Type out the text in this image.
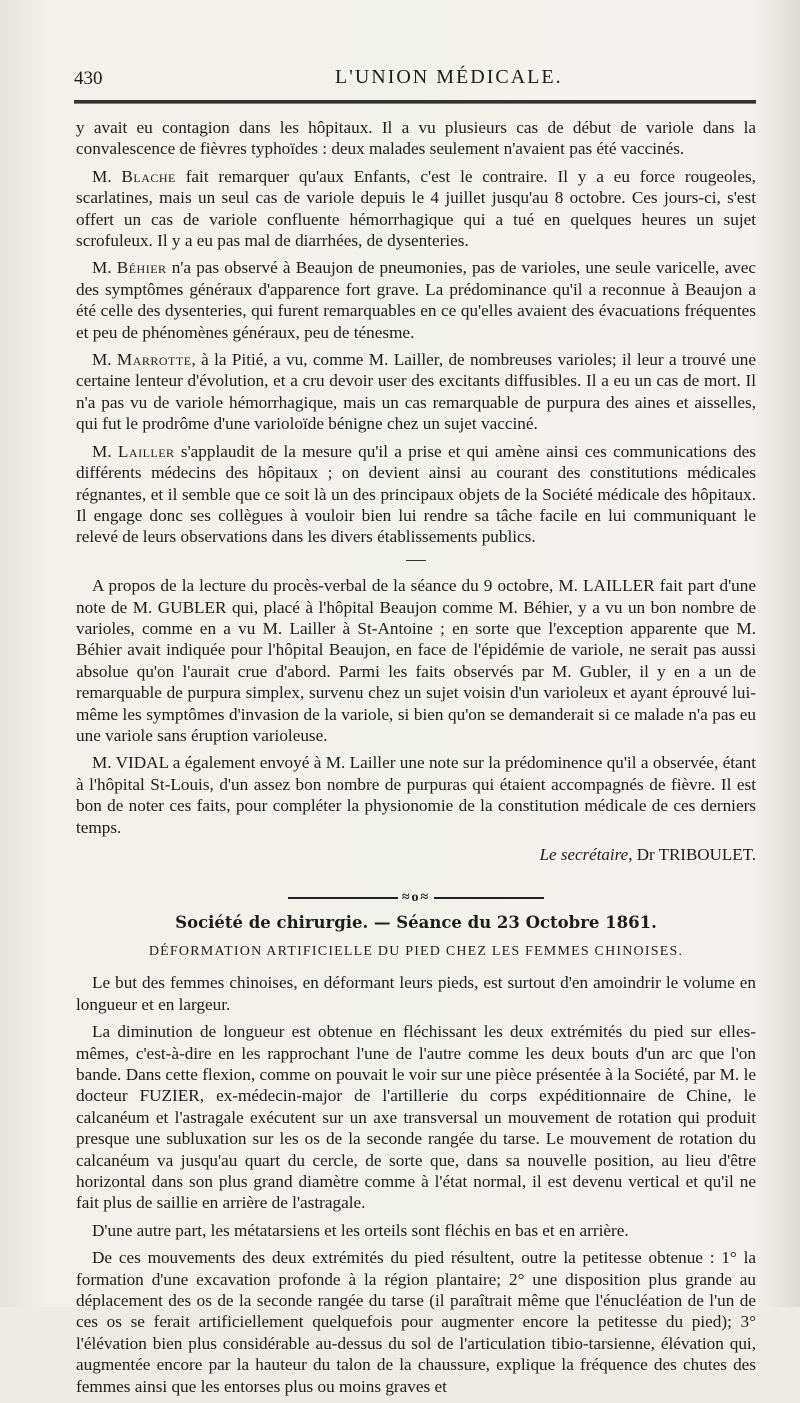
430	L'UNION MÉDICALE.

y avait eu contagion dans les hôpitaux. Il a vu plusieurs cas de début de variole dans la convalescence de fièvres typhoïdes : deux malades seulement n'avaient pas été vaccinés.

M. Blache fait remarquer qu'aux Enfants, c'est le contraire. Il y a eu force rougeoles, scarlatines, mais un seul cas de variole depuis le 4 juillet jusqu'au 8 octobre. Ces jours-ci, s'est offert un cas de variole confluente hémorrhagique qui a tué en quelques heures un sujet scrofuleux. Il y a eu pas mal de diarrhées, de dysenteries.

M. Béhier n'a pas observé à Beaujon de pneumonies, pas de varioles, une seule varicelle, avec des symptômes généraux d'apparence fort grave. La prédominance qu'il a reconnue à Beaujon a été celle des dysenteries, qui furent remarquables en ce qu'elles avaient des évacuations fréquentes et peu de phénomènes généraux, peu de ténesme.

M. Marrotte, à la Pitié, a vu, comme M. Lailler, de nombreuses varioles; il leur a trouvé une certaine lenteur d'évolution, et a cru devoir user des excitants diffusibles. Il a eu un cas de mort. Il n'a pas vu de variole hémorrhagique, mais un cas remarquable de purpura des aines et aisselles, qui fut le prodrôme d'une varioloïde bénigne chez un sujet vacciné.

M. Lailler s'applaudit de la mesure qu'il a prise et qui amène ainsi ces communications des différents médecins des hôpitaux ; on devient ainsi au courant des constitutions médicales régnantes, et il semble que ce soit là un des principaux objets de la Société médicale des hôpitaux. Il engage donc ses collègues à vouloir bien lui rendre sa tâche facile en lui communiquant le relevé de leurs observations dans les divers établissements publics.

A propos de la lecture du procès-verbal de la séance du 9 octobre, M. LAILLER fait part d'une note de M. GUBLER qui, placé à l'hôpital Beaujon comme M. Béhier, y a vu un bon nombre de varioles, comme en a vu M. Lailler à St-Antoine ; en sorte que l'exception apparente que M. Béhier avait indiquée pour l'hôpital Beaujon, en face de l'épidémie de variole, ne serait pas aussi absolue qu'on l'aurait crue d'abord. Parmi les faits observés par M. Gubler, il y en a un de remarquable de purpura simplex, survenu chez un sujet voisin d'un varioleux et ayant éprouvé lui-même les symptômes d'invasion de la variole, si bien qu'on se demanderait si ce malade n'a pas eu une variole sans éruption varioleuse.

M. VIDAL a également envoyé à M. Lailler une note sur la prédominence qu'il a observée, étant à l'hôpital St-Louis, d'un assez bon nombre de purpuras qui étaient accompagnés de fièvre. Il est bon de noter ces faits, pour compléter la physionomie de la constitution médicale de ces derniers temps.

Le secrétaire, Dr TRIBOULET.
≈o≈
Société de chirurgie. — Séance du 23 Octobre 1861.
DÉFORMATION ARTIFICIELLE DU PIED CHEZ LES FEMMES CHINOISES.

Le but des femmes chinoises, en déformant leurs pieds, est surtout d'en amoindrir le volume en longueur et en largeur.

La diminution de longueur est obtenue en fléchissant les deux extrémités du pied sur elles-mêmes, c'est-à-dire en les rapprochant l'une de l'autre comme les deux bouts d'un arc que l'on bande. Dans cette flexion, comme on pouvait le voir sur une pièce présentée à la Société, par M. le docteur FUZIER, ex-médecin-major de l'artillerie du corps expéditionnaire de Chine, le calcanéum et l'astragale exécutent sur un axe transversal un mouvement de rotation qui produit presque une subluxation sur les os de la seconde rangée du tarse. Le mouvement de rotation du calcanéum va jusqu'au quart du cercle, de sorte que, dans sa nouvelle position, au lieu d'être horizontal dans son plus grand diamètre comme à l'état normal, il est devenu vertical et qu'il ne fait plus de saillie en arrière de l'astragale.

D'une autre part, les métatarsiens et les orteils sont fléchis en bas et en arrière.

De ces mouvements des deux extrémités du pied résultent, outre la petitesse obtenue : 1° la formation d'une excavation profonde à la région plantaire; 2° une disposition plus grande au déplacement des os de la seconde rangée du tarse (il paraîtrait même que l'énucléation de l'un de ces os se ferait artificiellement quelquefois pour augmenter encore la petitesse du pied); 3° l'élévation bien plus considérable au-dessus du sol de l'articulation tibio-tarsienne, élévation qui, augmentée encore par la hauteur du talon de la chaussure, explique la fréquence des chutes des femmes ainsi que les entorses plus ou moins graves et
